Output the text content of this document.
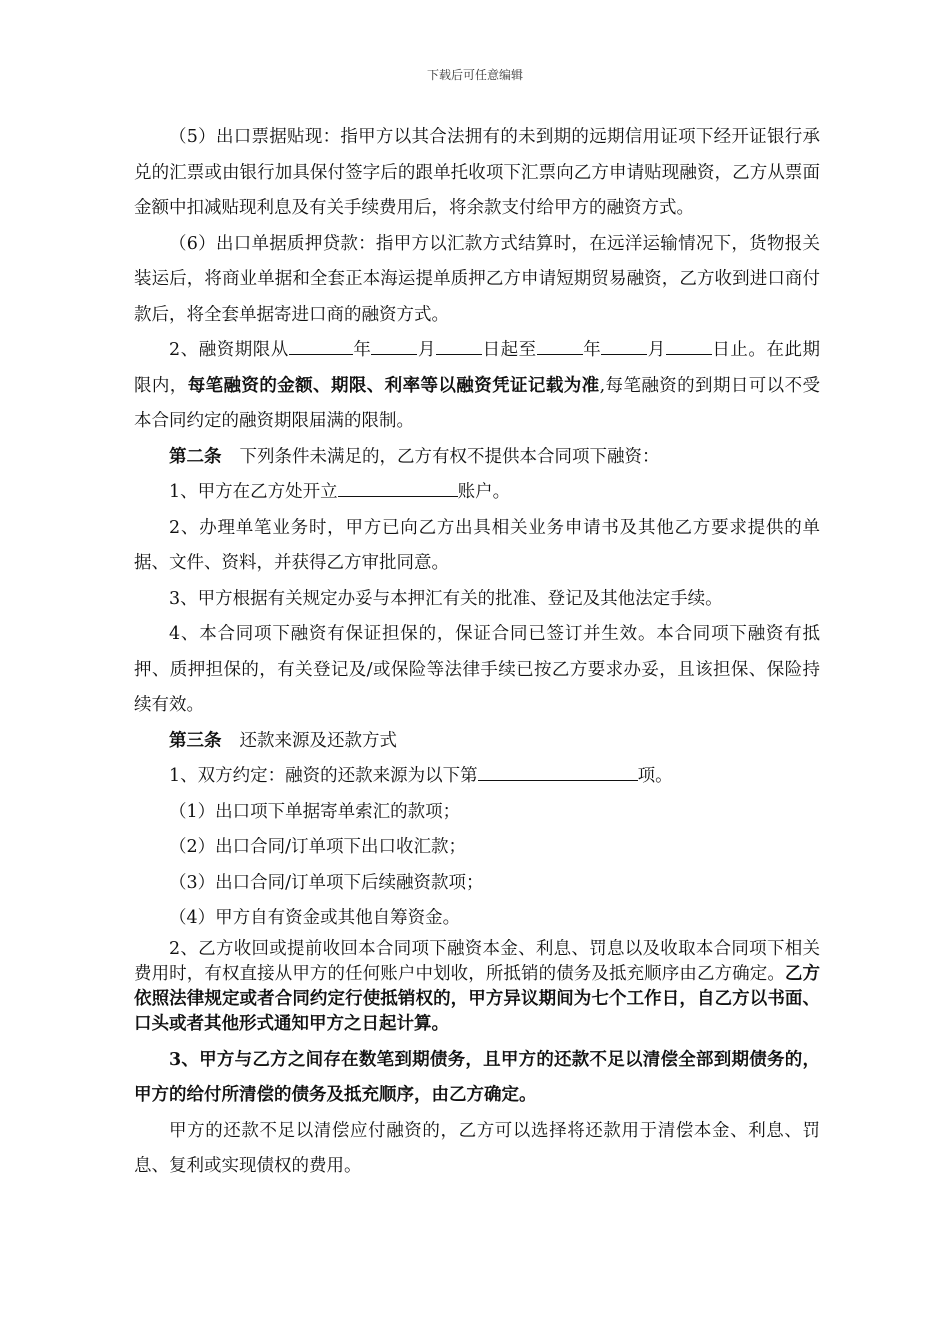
下载后可任意编辑

（5）出口票据贴现：指甲方以其合法拥有的未到期的远期信用证项下经开证银行承兑的汇票或由银行加具保付签字后的跟单托收项下汇票向乙方申请贴现融资，乙方从票面金额中扣减贴现利息及有关手续费用后，将余款支付给甲方的融资方式。

（6）出口单据质押贷款：指甲方以汇款方式结算时，在远洋运输情况下，货物报关装运后，将商业单据和全套正本海运提单质押乙方申请短期贸易融资，乙方收到进口商付款后，将全套单据寄进口商的融资方式。

2、融资期限从	年	月	日起至	年	月	日止。在此期限内，每笔融资的金额、期限、利率等以融资凭证记载为准,每笔融资的到期日可以不受本合同约定的融资期限届满的限制。

第二条 下列条件未满足的，乙方有权不提供本合同项下融资：

1、甲方在乙方处开立	账户。

2、办理单笔业务时，甲方已向乙方出具相关业务申请书及其他乙方要求提供的单据、文件、资料，并获得乙方审批同意。

3、甲方根据有关规定办妥与本押汇有关的批准、登记及其他法定手续。

4、本合同项下融资有保证担保的，保证合同已签订并生效。本合同项下融资有抵押、质押担保的，有关登记及/或保险等法律手续已按乙方要求办妥，且该担保、保险持续有效。

第三条 还款来源及还款方式

1、双方约定：融资的还款来源为以下第	项。

（1）出口项下单据寄单索汇的款项；

（2）出口合同/订单项下出口收汇款；

（3）出口合同/订单项下后续融资款项；

（4）甲方自有资金或其他自筹资金。

2、乙方收回或提前收回本合同项下融资本金、利息、罚息以及收取本合同项下相关费用时，有权直接从甲方的任何账户中划收，所抵销的债务及抵充顺序由乙方确定。乙方依照法律规定或者合同约定行使抵销权的，甲方异议期间为七个工作日，自乙方以书面、口头或者其他形式通知甲方之日起计算。

3、甲方与乙方之间存在数笔到期债务，且甲方的还款不足以清偿全部到期债务的，甲方的给付所清偿的债务及抵充顺序，由乙方确定。

甲方的还款不足以清偿应付融资的，乙方可以选择将还款用于清偿本金、利息、罚息、复利或实现债权的费用。
